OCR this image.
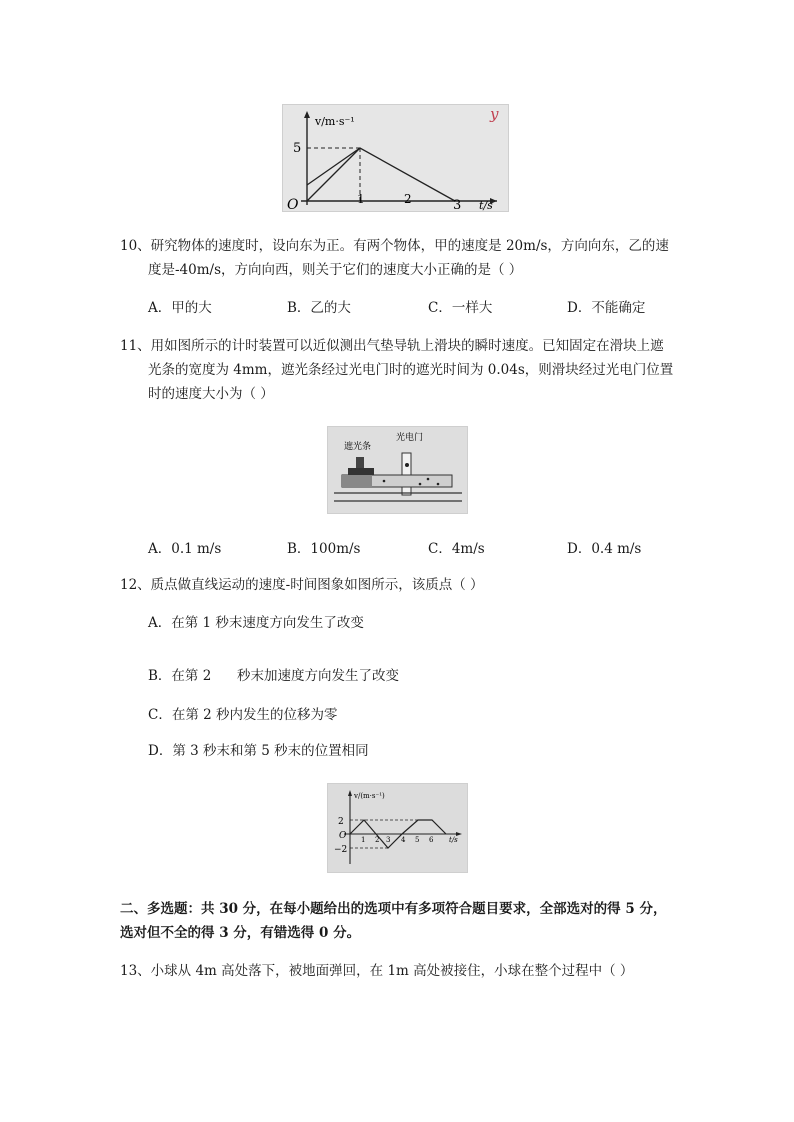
v/m·s⁻¹
5
O	1	2	3 t/s
y
10、研究物体的速度时，设向东为正。有两个物体，甲的速度是 20m/s，方向向东，乙的速
度是-40m/s，方向向西，则关于它们的速度大小正确的是（ ）
A．甲的大	B．乙的大	C．一样大	D．不能确定
11、用如图所示的计时装置可以近似测出气垫导轨上滑块的瞬时速度。已知固定在滑块上遮
光条的宽度为 4mm，遮光条经过光电门时的遮光时间为 0.04s，则滑块经过光电门位置
时的速度大小为（ ）
遮光条
光电门
A．0.1 m/s	B．100m/s	C．4m/s	D．0.4 m/s
12、质点做直线运动的速度-时间图象如图所示，该质点（ ）
A．在第 1 秒末速度方向发生了改变
B．在第 2      秒末加速度方向发生了改变
C．在第 2 秒内发生的位移为零
D．第 3 秒末和第 5 秒末的位置相同
v/(m·s⁻¹)
2
−2
O 1 2 3 4 5 6 t/s
二、多选题：共 30 分，在每小题给出的选项中有多项符合题目要求，全部选对的得 5 分，
选对但不全的得 3 分，有错选得 0 分。
13、小球从 4m 高处落下，被地面弹回，在 1m 高处被接住，小球在整个过程中（ ）
